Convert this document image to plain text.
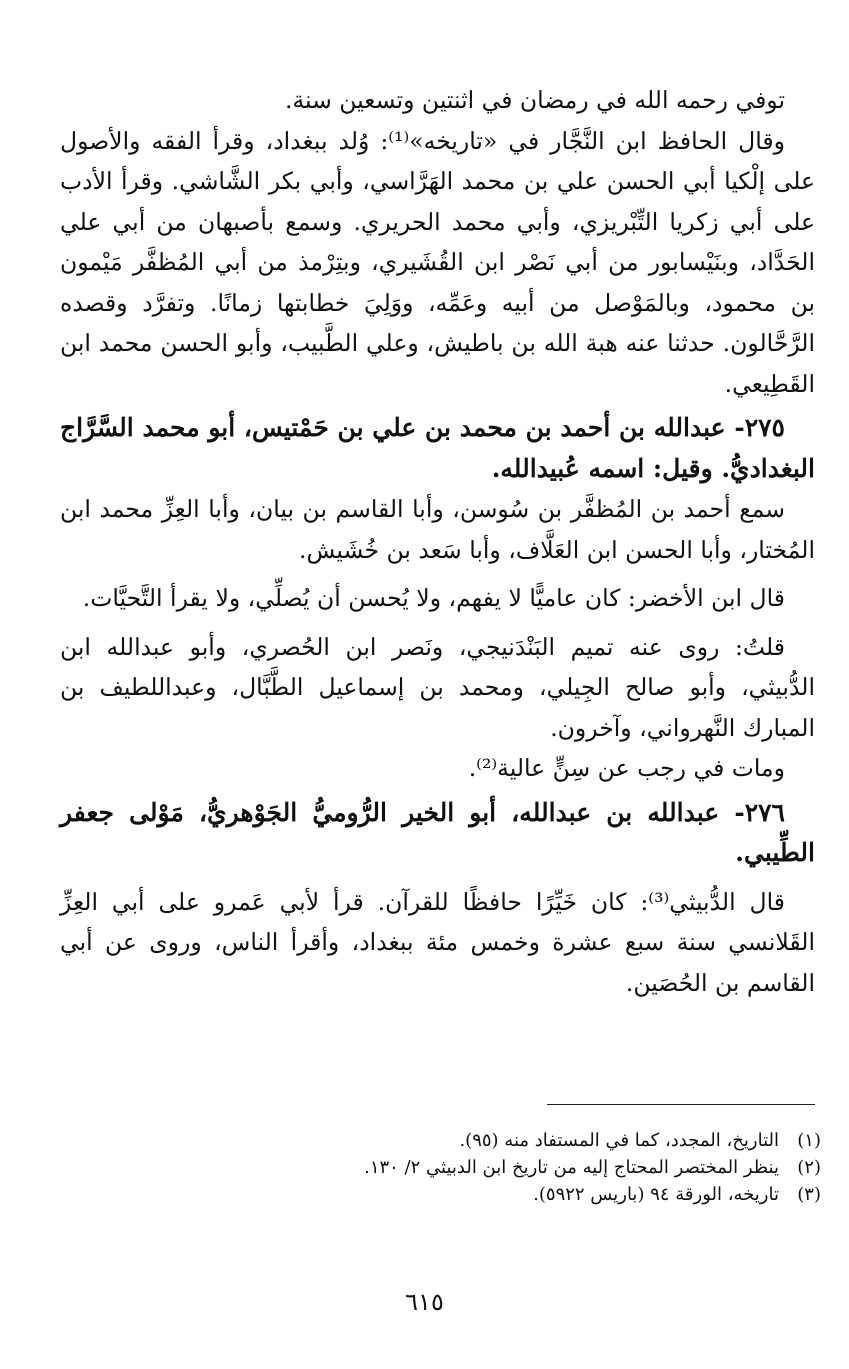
توفي رحمه الله في رمضان في اثنتين وتسعين سنة.

وقال الحافظ ابن النَّجَّار في «تاريخه»⁽¹⁾: وُلد ببغداد، وقرأ الفقه والأصول على إلْكيا أبي الحسن علي بن محمد الهَرَّاسي، وأبي بكر الشَّاشي. وقرأ الأدب على أبي زكريا التِّبْريزي، وأبي محمد الحريري. وسمع بأصبهان من أبي علي الحَدَّاد، وبنَيْسابور من أبي نَصْر ابن القُشَيري، وبتِرْمذ من أبي المُظفَّر مَيْمون بن محمود، وبالمَوْصل من أبيه وعَمِّه، ووَلِيَ خطابتها زمانًا. وتفرَّد وقصده الرَّحَّالون. حدثنا عنه هبة الله بن باطيش، وعلي الطَّبيب، وأبو الحسن محمد ابن القَطِيعي.

٢٧٥- عبدالله بن أحمد بن محمد بن علي بن حَمْتيس، أبو محمد السَّرَّاج البغداديُّ. وقيل: اسمه عُبيدالله.

سمع أحمد بن المُظفَّر بن سُوسن، وأبا القاسم بن بيان، وأبا العِزِّ محمد ابن المُختار، وأبا الحسن ابن العَلَّاف، وأبا سَعد بن خُشَيش.

قال ابن الأخضر: كان عاميًّا لا يفهم، ولا يُحسن أن يُصلِّي، ولا يقرأ التَّحيَّات.

قلتُ: روى عنه تميم البَنْدَنيجي، ونَصر ابن الحُصري، وأبو عبدالله ابن الدُّبيثي، وأبو صالح الجِيلي، ومحمد بن إسماعيل الطَّبَّال، وعبداللطيف بن المبارك النَّهرواني، وآخرون.

ومات في رجب عن سِنٍّ عالية⁽²⁾.

٢٧٦- عبدالله بن عبدالله، أبو الخير الرُّوميُّ الجَوْهريُّ، مَوْلى جعفر الطِّيبي.

قال الدُّبيثي⁽³⁾: كان خَيِّرًا حافظًا للقرآن. قرأ لأبي عَمرو على أبي العِزِّ القَلانسي سنة سبع عشرة وخمس مئة ببغداد، وأقرأ الناس، وروى عن أبي القاسم بن الحُصَين.

(١)
التاريخ، المجدد، كما في المستفاد منه (٩٥).
(٢)
ينظر المختصر المحتاج إليه من تاريخ ابن الدبيثي ٢/ ١٣٠.
(٣)
تاريخه، الورقة ٩٤ (باريس ٥٩٢٢).
٦١٥
